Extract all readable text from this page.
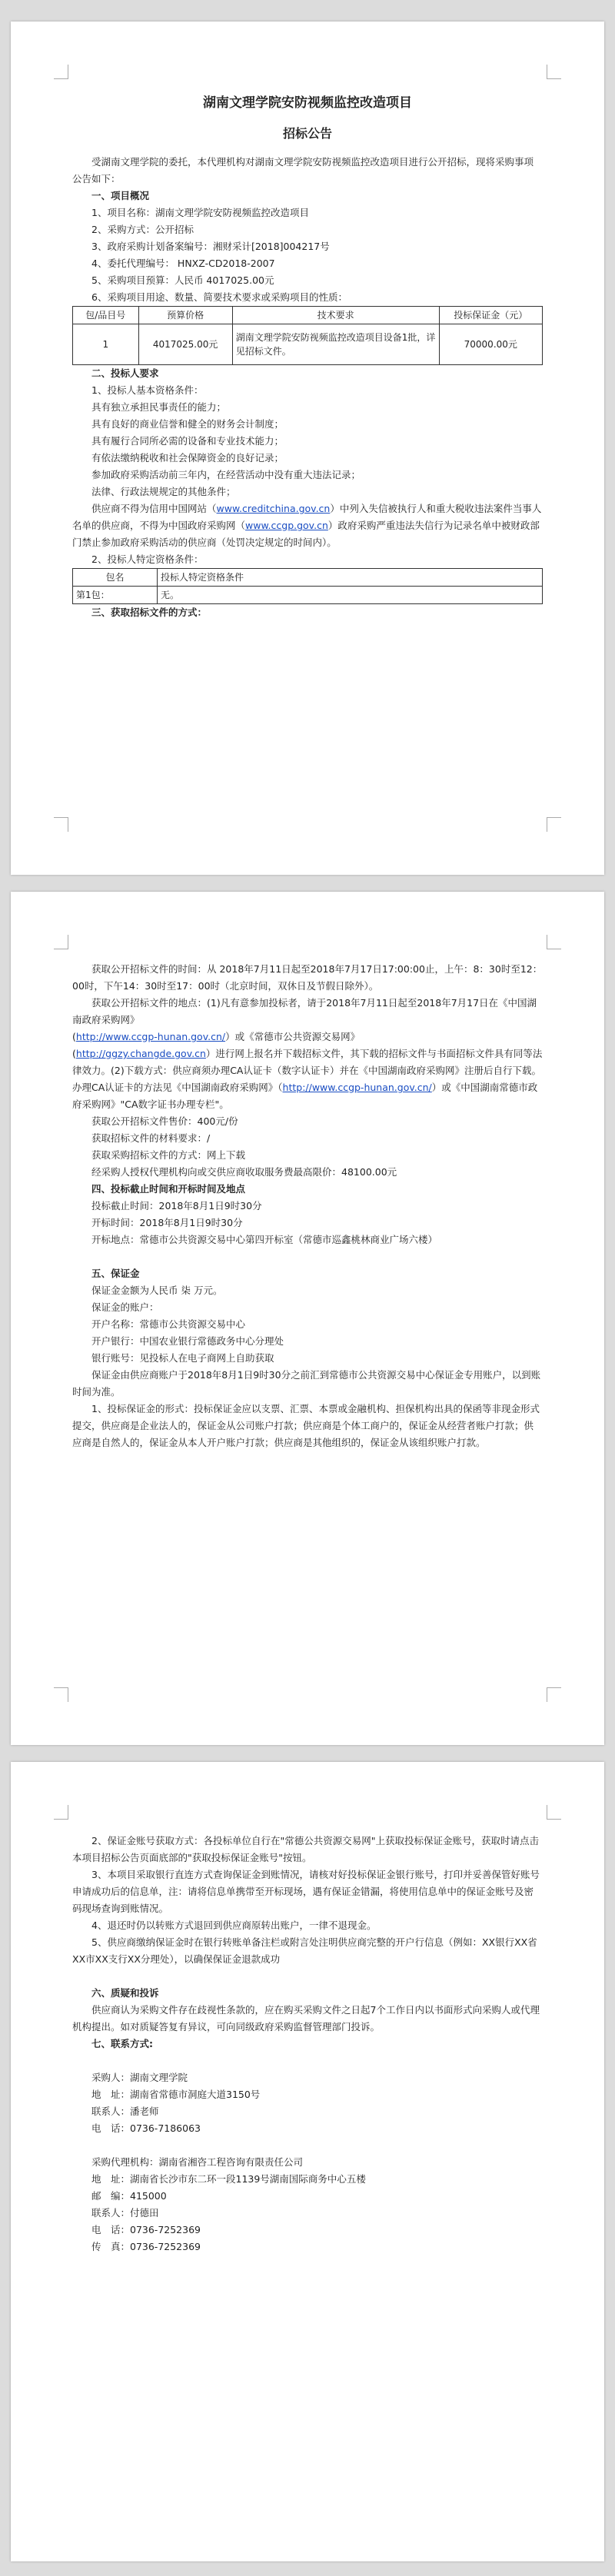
湖南文理学院安防视频监控改造项目
招标公告

受湖南文理学院的委托，本代理机构对湖南文理学院安防视频监控改造项目进行公开招标，现将采购事项公告如下：

一、项目概况

1、项目名称：湖南文理学院安防视频监控改造项目

2、采购方式：公开招标

3、政府采购计划备案编号：湘财采计[2018]004217号

4、委托代理编号： HNXZ-CD2018-2007

5、采购项目预算：人民币 4017025.00元

6、采购项目用途、数量、简要技术要求或采购项目的性质：

包/品目号	预算价格	技术要求	投标保证金（元）
1	4017025.00元	湖南文理学院安防视频监控改造项目设备1批，详见招标文件。	70000.00元

二、投标人要求

1、投标人基本资格条件：

具有独立承担民事责任的能力；

具有良好的商业信誉和健全的财务会计制度；

具有履行合同所必需的设备和专业技术能力；

有依法缴纳税收和社会保障资金的良好记录；

参加政府采购活动前三年内，在经营活动中没有重大违法记录；

法律、行政法规规定的其他条件；

供应商不得为信用中国网站（www.creditchina.gov.cn）中列入失信被执行人和重大税收违法案件当事人名单的供应商，不得为中国政府采购网（www.ccgp.gov.cn）政府采购严重违法失信行为记录名单中被财政部门禁止参加政府采购活动的供应商（处罚决定规定的时间内）。

2、投标人特定资格条件：

包名	投标人特定资格条件
第1包：	无。

三、获取招标文件的方式：

获取公开招标文件的时间：从 2018年7月11日起至2018年7月17日17:00:00止，上午：8：30时至12：00时，下午14：30时至17：00时（北京时间，双休日及节假日除外）。

获取公开招标文件的地点：(1)凡有意参加投标者，请于2018年7月11日起至2018年7月17日在《中国湖南政府采购网》
(http://www.ccgp-hunan.gov.cn/）或《常德市公共资源交易网》
(http://ggzy.changde.gov.cn）进行网上报名并下载招标文件，其下载的招标文件与书面招标文件具有同等法律效力。(2)下载方式：供应商须办理CA认证卡（数字认证卡）并在《中国湖南政府采购网》注册后自行下载。办理CA认证卡的方法见《中国湖南政府采购网》（http://www.ccgp-hunan.gov.cn/）或《中国湖南常德市政府采购网》"CA数字证书办理专栏"。

获取公开招标文件售价：400元/份

获取招标文件的材料要求：/

获取采购招标文件的方式：网上下载

经采购人授权代理机构向或交供应商收取服务费最高限价：48100.00元

四、投标截止时间和开标时间及地点

投标截止时间：2018年8月1日9时30分

开标时间：2018年8月1日9时30分

开标地点：常德市公共资源交易中心第四开标室（常德市巡鑫桃林商业广场六楼）

五、保证金

保证金金额为人民币 柒 万元。

保证金的账户：

开户名称：常德市公共资源交易中心

开户银行：中国农业银行常德政务中心分理处

银行账号：见投标人在电子商网上自助获取

保证金由供应商账户于2018年8月1日9时30分之前汇到常德市公共资源交易中心保证金专用账户，以到账时间为准。

1、投标保证金的形式：投标保证金应以支票、汇票、本票或金融机构、担保机构出具的保函等非现金形式提交，供应商是企业法人的，保证金从公司账户打款；供应商是个体工商户的，保证金从经营者账户打款；供应商是自然人的，保证金从本人开户账户打款；供应商是其他组织的，保证金从该组织账户打款。

2、保证金账号获取方式：各投标单位自行在"常德公共资源交易网"上获取投标保证金账号，获取时请点击本项目招标公告页面底部的"获取投标保证金账号"按钮。

3、本项目采取银行直连方式查询保证金到账情况，请核对好投标保证金银行账号，打印并妥善保管好账号申请成功后的信息单，注：请将信息单携带至开标现场，遇有保证金错漏，将使用信息单中的保证金账号及密码现场查询到账情况。

4、退还时仍以转账方式退回到供应商原转出账户，一律不退现金。

5、供应商缴纳保证金时在银行转账单备注栏或附言处注明供应商完整的开户行信息（例如：XX银行XX省XX市XX支行XX分理处），以确保保证金退款成功

六、质疑和投诉

供应商认为采购文件存在歧视性条款的，应在购买采购文件之日起7个工作日内以书面形式向采购人或代理机构提出。如对质疑答复有异议，可向同级政府采购监督管理部门投诉。

七、联系方式:

采购人：湖南文理学院

地　址：湖南省常德市洞庭大道3150号

联系人：潘老师

电　话：0736-7186063

采购代理机构：湖南省湘咨工程咨询有限责任公司

地　址：湖南省长沙市东二环一段1139号湖南国际商务中心五楼

邮　编：415000

联系人：付德田

电　话：0736-7252369

传　真：0736-7252369
